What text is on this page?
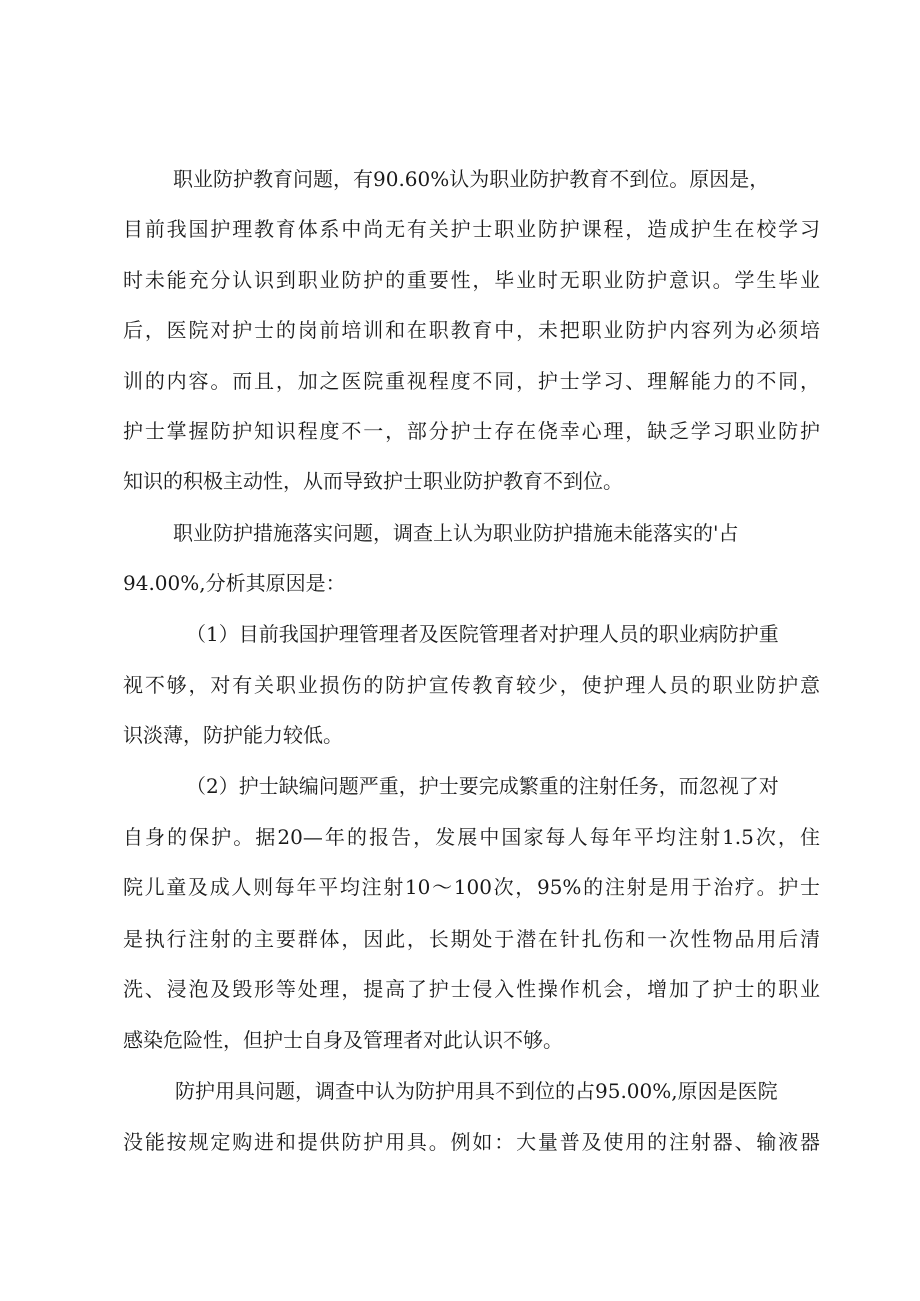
职业防护教育问题，有90.60%认为职业防护教育不到位。原因是，
目前我国护理教育体系中尚无有关护士职业防护课程，造成护生在校学习
时未能充分认识到职业防护的重要性，毕业时无职业防护意识。学生毕业
后，医院对护士的岗前培训和在职教育中，未把职业防护内容列为必须培
训的内容。而且，加之医院重视程度不同，护士学习、理解能力的不同，
护士掌握防护知识程度不一，部分护士存在侥幸心理，缺乏学习职业防护
知识的积极主动性，从而导致护士职业防护教育不到位。
职业防护措施落实问题，调查上认为职业防护措施未能落实的'占
94.00%,分析其原因是：
（1）目前我国护理管理者及医院管理者对护理人员的职业病防护重
视不够，对有关职业损伤的防护宣传教育较少，使护理人员的职业防护意
识淡薄，防护能力较低。
（2）护士缺编问题严重，护士要完成繁重的注射任务，而忽视了对
自身的保护。据20—年的报告，发展中国家每人每年平均注射1.5次，住
院儿童及成人则每年平均注射10～100次，95%的注射是用于治疗。护士
是执行注射的主要群体，因此，长期处于潜在针扎伤和一次性物品用后清
洗、浸泡及毁形等处理，提高了护士侵入性操作机会，增加了护士的职业
感染危险性，但护士自身及管理者对此认识不够。
防护用具问题，调查中认为防护用具不到位的占95.00%,原因是医院
没能按规定购进和提供防护用具。例如：大量普及使用的注射器、输液器
